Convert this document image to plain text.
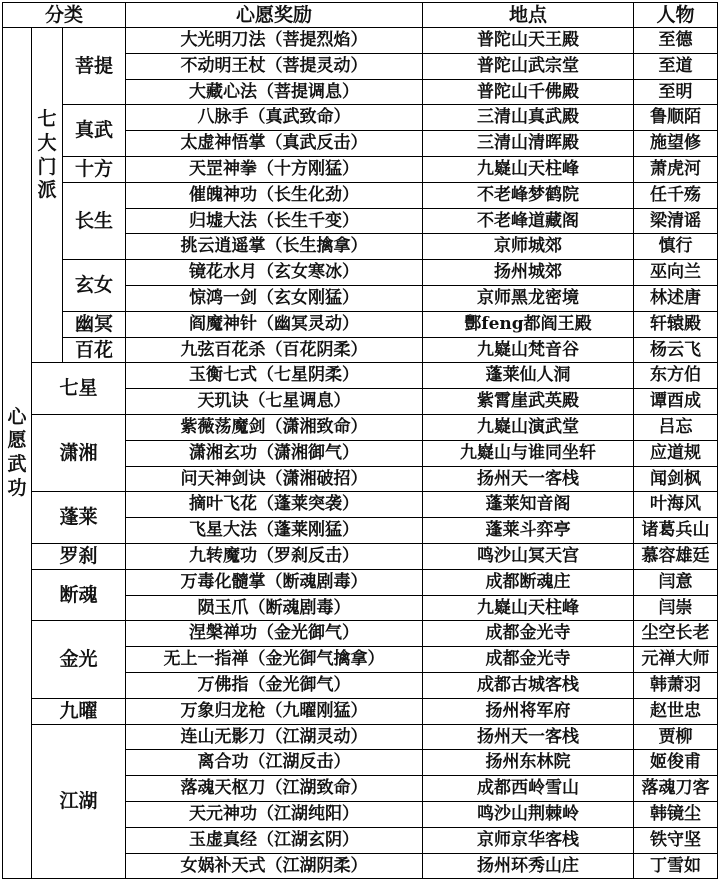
分类			心愿奖励	地点	人物
心愿武功	七大门派	菩提	大光明刀法（菩提烈焰）	普陀山天王殿	至德
			不动明王杖（菩提灵动）	普陀山武宗堂	至道
			大藏心法（菩提调息）	普陀山千佛殿	至明
		真武	八脉手（真武致命）	三清山真武殿	鲁顺陌
			太虚神悟掌（真武反击）	三清山清晖殿	施望修
		十方	天罡神拳（十方刚猛）	九嶷山天柱峰	萧虎河
		长生	催魄神功（长生化劲）	不老峰梦鹤院	任千殇
			归墟大法（长生千变）	不老峰道藏阁	梁清谣
			挑云逍遥掌（长生擒拿）	京师城郊	慎行
		玄女	镜花水月（玄女寒冰）	扬州城郊	巫向兰
			惊鸿一剑（玄女刚猛）	京师黑龙密境	林述唐
		幽冥	阎魔神针（幽冥灵动）	酆feng都阎王殿	轩辕殿
		百花	九弦百花杀（百花阴柔）	九嶷山梵音谷	杨云飞
	七星		玉衡七式（七星阴柔）	蓬莱仙人洞	东方伯
			天玑诀（七星调息）	紫霄崖武英殿	谭酉成
	潇湘		紫薇荡魔剑（潇湘致命）	九嶷山演武堂	吕忘
			潇湘玄功（潇湘御气）	九嶷山与谁同坐轩	应道规
			问天神剑诀（潇湘破招）	扬州天一客栈	闻剑枫
	蓬莱		摘叶飞花（蓬莱突袭）	蓬莱知音阁	叶海风
			飞星大法（蓬莱刚猛）	蓬莱斗弈亭	诸葛兵山
	罗刹		九转魔功（罗刹反击）	鸣沙山冥天宫	慕容雄廷
	断魂		万毒化髓掌（断魂剧毒）	成都断魂庄	闫意
			陨玉爪（断魂剧毒）	九嶷山天柱峰	闫崇
	金光		涅槃禅功（金光御气）	成都金光寺	尘空长老
			无上一指禅（金光御气擒拿）	成都金光寺	元禅大师
			万佛指（金光御气）	成都古城客栈	韩萧羽
	九曜		万象归龙枪（九曜刚猛）	扬州将军府	赵世忠
	江湖		连山无影刀（江湖灵动）	扬州天一客栈	贾柳
			离合功（江湖反击）	扬州东林院	姬俊甫
			落魂天枢刀（江湖致命）	成都西岭雪山	落魂刀客
			天元神功（江湖纯阳）	鸣沙山荆棘岭	韩镜尘
			玉虚真经（江湖玄阴）	京师京华客栈	铁守坚
			女娲补天式（江湖阴柔）	扬州环秀山庄	丁雪如
